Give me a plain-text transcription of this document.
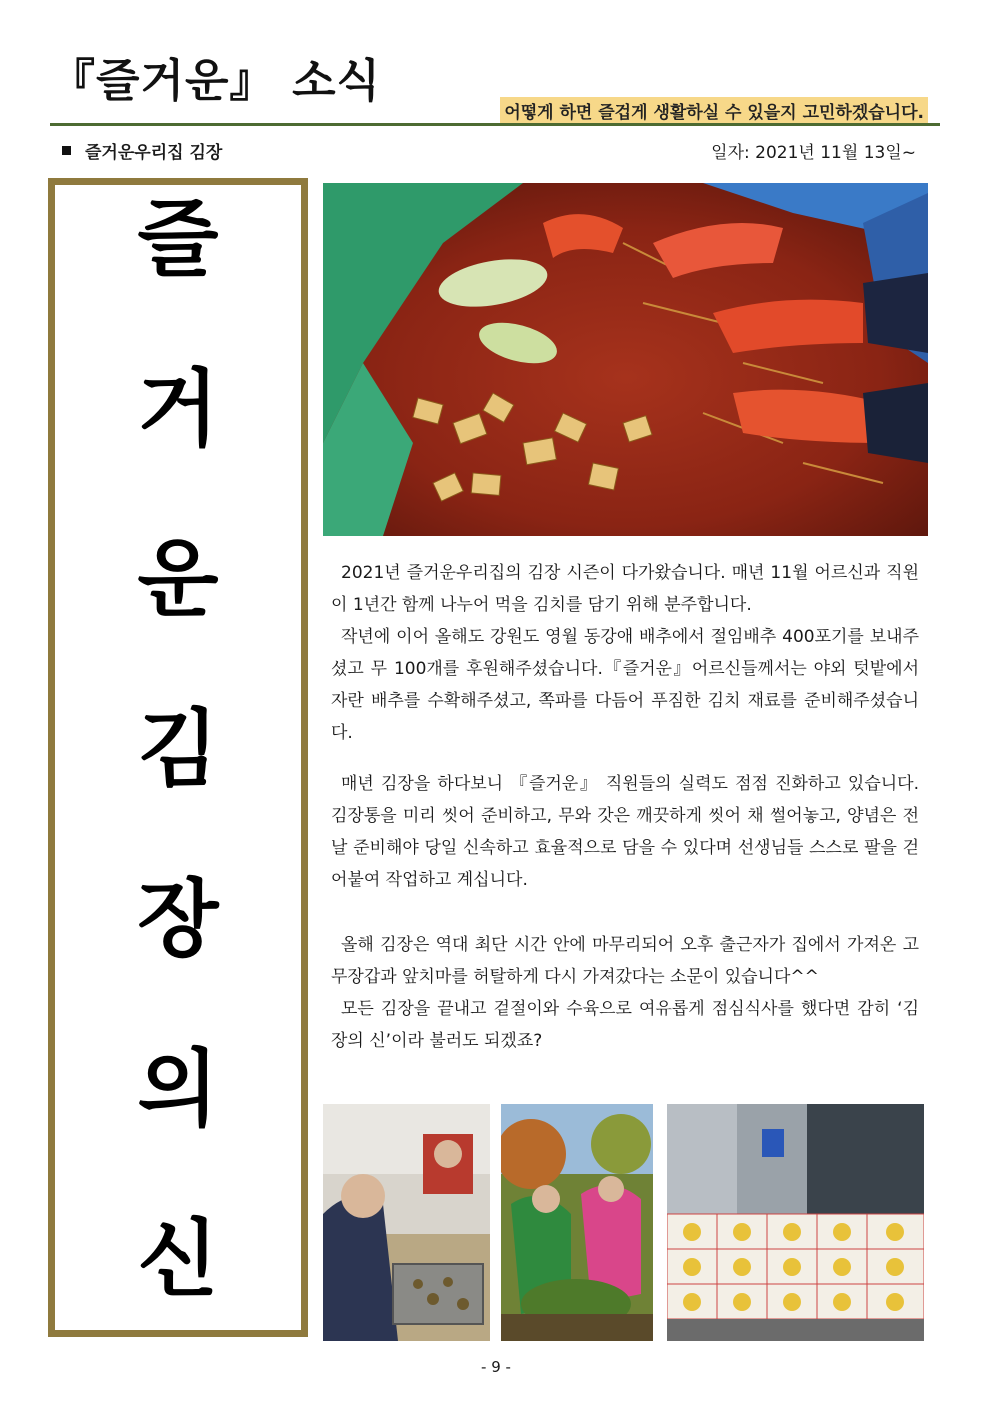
『즐거운』 소식
어떻게 하면 즐겁게 생활하실 수 있을지 고민하겠습니다.
즐거운우리집 김장	일자: 2021년 11월 13일~
즐
거
운
김
장
의
신

2021년 즐거운우리집의 김장 시즌이 다가왔습니다. 매년 11월 어르신과 직원이 1년간 함께 나누어 먹을 김치를 담기 위해 분주합니다.

작년에 이어 올해도 강원도 영월 동강애 배추에서 절임배추 400포기를 보내주셨고 무 100개를 후원해주셨습니다.『즐거운』어르신들께서는 야외 텃밭에서 자란 배추를 수확해주셨고, 쪽파를 다듬어 푸짐한 김치 재료를 준비해주셨습니다.

매년 김장을 하다보니 『즐거운』 직원들의 실력도 점점 진화하고 있습니다. 김장통을 미리 씻어 준비하고, 무와 갓은 깨끗하게 씻어 채 썰어놓고, 양념은 전날 준비해야 당일 신속하고 효율적으로 담을 수 있다며 선생님들 스스로 팔을 걷어붙여 작업하고 계십니다.

올해 김장은 역대 최단 시간 안에 마무리되어 오후 출근자가 집에서 가져온 고무장갑과 앞치마를 허탈하게 다시 가져갔다는 소문이 있습니다^^

모든 김장을 끝내고 겉절이와 수육으로 여유롭게 점심식사를 했다면 감히 ‘김장의 신’이라 불러도 되겠죠?

- 9 -
